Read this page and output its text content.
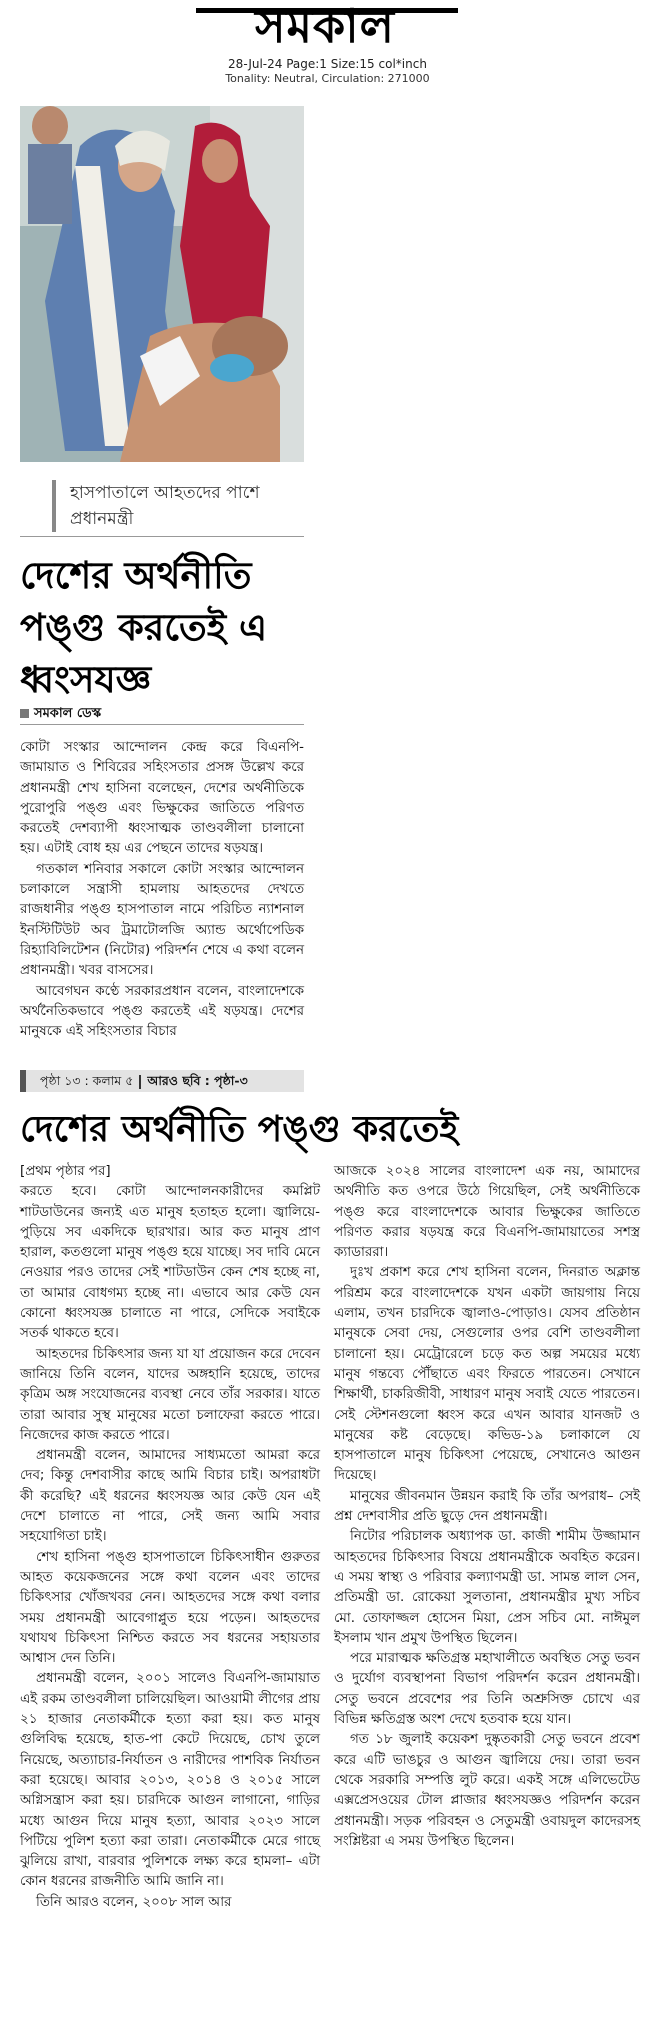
সমকাল
28-Jul-24 Page:1 Size:15 col*inch
Tonality: Neutral, Circulation: 271000
হাসপাতালে আহতদের পাশে প্রধানমন্ত্রী
দেশের অর্থনীতি পঙ্গু করতেই এ ধ্বংসযজ্ঞ
সমকাল ডেস্ক

কোটা সংস্কার আন্দোলন কেন্দ্র করে বিএনপি-জামায়াত ও শিবিরের সহিংসতার প্রসঙ্গ উল্লেখ করে প্রধানমন্ত্রী শেখ হাসিনা বলেছেন, দেশের অর্থনীতিকে পুরোপুরি পঙ্গু এবং ভিক্ষুকের জাতিতে পরিণত করতেই দেশব্যাপী ধ্বংসাত্মক তাণ্ডবলীলা চালানো হয়। এটাই বোধ হয় এর পেছনে তাদের ষড়যন্ত্র।

গতকাল শনিবার সকালে কোটা সংস্কার আন্দোলন চলাকালে সন্ত্রাসী হামলায় আহতদের দেখতে রাজধানীর পঙ্গু হাসপাতাল নামে পরিচিত ন্যাশনাল ইনস্টিটিউট অব ট্রমাটোলজি অ্যান্ড অর্থোপেডিক রিহ্যাবিলিটেশন (নিটোর) পরিদর্শন শেষে এ কথা বলেন প্রধানমন্ত্রী। খবর বাসসের।

আবেগঘন কণ্ঠে সরকারপ্রধান বলেন, বাংলাদেশকে অর্থনৈতিকভাবে পঙ্গু করতেই এই ষড়যন্ত্র। দেশের মানুষকে এই সহিংসতার বিচার

পৃষ্ঠা ১৩ : কলাম ৫ আরও ছবি : পৃষ্ঠা-৩
দেশের অর্থনীতি পঙ্গু করতেই

[প্রথম পৃষ্ঠার পর]

করতে হবে। কোটা আন্দোলনকারীদের কমপ্লিট শাটডাউনের জন্যই এত মানুষ হতাহত হলো। জ্বালিয়ে-পুড়িয়ে সব একদিকে ছারখার। আর কত মানুষ প্রাণ হারাল, কতগুলো মানুষ পঙ্গু হয়ে যাচ্ছে। সব দাবি মেনে নেওয়ার পরও তাদের সেই শাটডাউন কেন শেষ হচ্ছে না, তা আমার বোধগম্য হচ্ছে না। এভাবে আর কেউ যেন কোনো ধ্বংসযজ্ঞ চালাতে না পারে, সেদিকে সবাইকে সতর্ক থাকতে হবে।

আহতদের চিকিৎসার জন্য যা যা প্রয়োজন করে দেবেন জানিয়ে তিনি বলেন, যাদের অঙ্গহানি হয়েছে, তাদের কৃত্রিম অঙ্গ সংযোজনের ব্যবস্থা নেবে তাঁর সরকার। যাতে তারা আবার সুস্থ মানুষের মতো চলাফেরা করতে পারে। নিজেদের কাজ করতে পারে।

প্রধানমন্ত্রী বলেন, আমাদের সাধ্যমতো আমরা করে দেব; কিন্তু দেশবাসীর কাছে আমি বিচার চাই। অপরাধটা কী করেছি? এই ধরনের ধ্বংসযজ্ঞ আর কেউ যেন এই দেশে চালাতে না পারে, সেই জন্য আমি সবার সহযোগিতা চাই।

শেখ হাসিনা পঙ্গু হাসপাতালে চিকিৎসাধীন গুরুতর আহত কয়েকজনের সঙ্গে কথা বলেন এবং তাদের চিকিৎসার খোঁজখবর নেন। আহতদের সঙ্গে কথা বলার সময় প্রধানমন্ত্রী আবেগাপ্লুত হয়ে পড়েন। আহতদের যথাযথ চিকিৎসা নিশ্চিত করতে সব ধরনের সহায়তার আশ্বাস দেন তিনি।

প্রধানমন্ত্রী বলেন, ২০০১ সালেও বিএনপি-জামায়াত এই রকম তাণ্ডবলীলা চালিয়েছিল। আওয়ামী লীগের প্রায় ২১ হাজার নেতাকর্মীকে হত্যা করা হয়। কত মানুষ গুলিবিদ্ধ হয়েছে, হাত-পা কেটে দিয়েছে, চোখ তুলে নিয়েছে, অত্যাচার-নির্যাতন ও নারীদের পাশবিক নির্যাতন করা হয়েছে। আবার ২০১৩, ২০১৪ ও ২০১৫ সালে অগ্নিসন্ত্রাস করা হয়। চারদিকে আগুন লাগানো, গাড়ির মধ্যে আগুন দিয়ে মানুষ হত্যা, আবার ২০২৩ সালে পিটিয়ে পুলিশ হত্যা করা তারা। নেতাকর্মীকে মেরে গাছে ঝুলিয়ে রাখা, বারবার পুলিশকে লক্ষ্য করে হামলা– এটা কোন ধরনের রাজনীতি আমি জানি না।

তিনি আরও বলেন, ২০০৮ সাল আর

আজকে ২০২৪ সালের বাংলাদেশ এক নয়, আমাদের অর্থনীতি কত ওপরে উঠে গিয়েছিল, সেই অর্থনীতিকে পঙ্গু করে বাংলাদেশকে আবার ভিক্ষুকের জাতিতে পরিণত করার ষড়যন্ত্র করে বিএনপি-জামায়াতের সশস্ত্র ক্যাডাররা।

দুঃখ প্রকাশ করে শেখ হাসিনা বলেন, দিনরাত অক্লান্ত পরিশ্রম করে বাংলাদেশকে যখন একটা জায়গায় নিয়ে এলাম, তখন চারদিকে জ্বালাও-পোড়াও। যেসব প্রতিষ্ঠান মানুষকে সেবা দেয়, সেগুলোর ওপর বেশি তাণ্ডবলীলা চালানো হয়। মেট্রোরেলে চড়ে কত অল্প সময়ের মধ্যে মানুষ গন্তব্যে পৌঁছাতে এবং ফিরতে পারতেন। সেখানে শিক্ষার্থী, চাকরিজীবী, সাধারণ মানুষ সবাই যেতে পারতেন। সেই স্টেশনগুলো ধ্বংস করে এখন আবার যানজট ও মানুষের কষ্ট বেড়েছে। কভিড-১৯ চলাকালে যে হাসপাতালে মানুষ চিকিৎসা পেয়েছে, সেখানেও আগুন দিয়েছে।

মানুষের জীবনমান উন্নয়ন করাই কি তাঁর অপরাধ– সেই প্রশ্ন দেশবাসীর প্রতি ছুড়ে দেন প্রধানমন্ত্রী।

নিটোর পরিচালক অধ্যাপক ডা. কাজী শামীম উজ্জামান আহতদের চিকিৎসার বিষয়ে প্রধানমন্ত্রীকে অবহিত করেন। এ সময় স্বাস্থ্য ও পরিবার কল্যাণমন্ত্রী ডা. সামন্ত লাল সেন, প্রতিমন্ত্রী ডা. রোকেয়া সুলতানা, প্রধানমন্ত্রীর মুখ্য সচিব মো. তোফাজ্জল হোসেন মিয়া, প্রেস সচিব মো. নাঈমুল ইসলাম খান প্রমুখ উপস্থিত ছিলেন।

পরে মারাত্মক ক্ষতিগ্রস্ত মহাখালীতে অবস্থিত সেতু ভবন ও দুর্যোগ ব্যবস্থাপনা বিভাগ পরিদর্শন করেন প্রধানমন্ত্রী। সেতু ভবনে প্রবেশের পর তিনি অশ্রুসিক্ত চোখে এর বিভিন্ন ক্ষতিগ্রস্ত অংশ দেখে হতবাক হয়ে যান।

গত ১৮ জুলাই কয়েকশ দুষ্কৃতকারী সেতু ভবনে প্রবেশ করে এটি ভাঙচুর ও আগুন জ্বালিয়ে দেয়। তারা ভবন থেকে সরকারি সম্পত্তি লুট করে। একই সঙ্গে এলিভেটেড এক্সপ্রেসওয়ের টোল প্লাজার ধ্বংসযজ্ঞও পরিদর্শন করেন প্রধানমন্ত্রী। সড়ক পরিবহন ও সেতুমন্ত্রী ওবায়দুল কাদেরসহ সংশ্লিষ্টরা এ সময় উপস্থিত ছিলেন।
